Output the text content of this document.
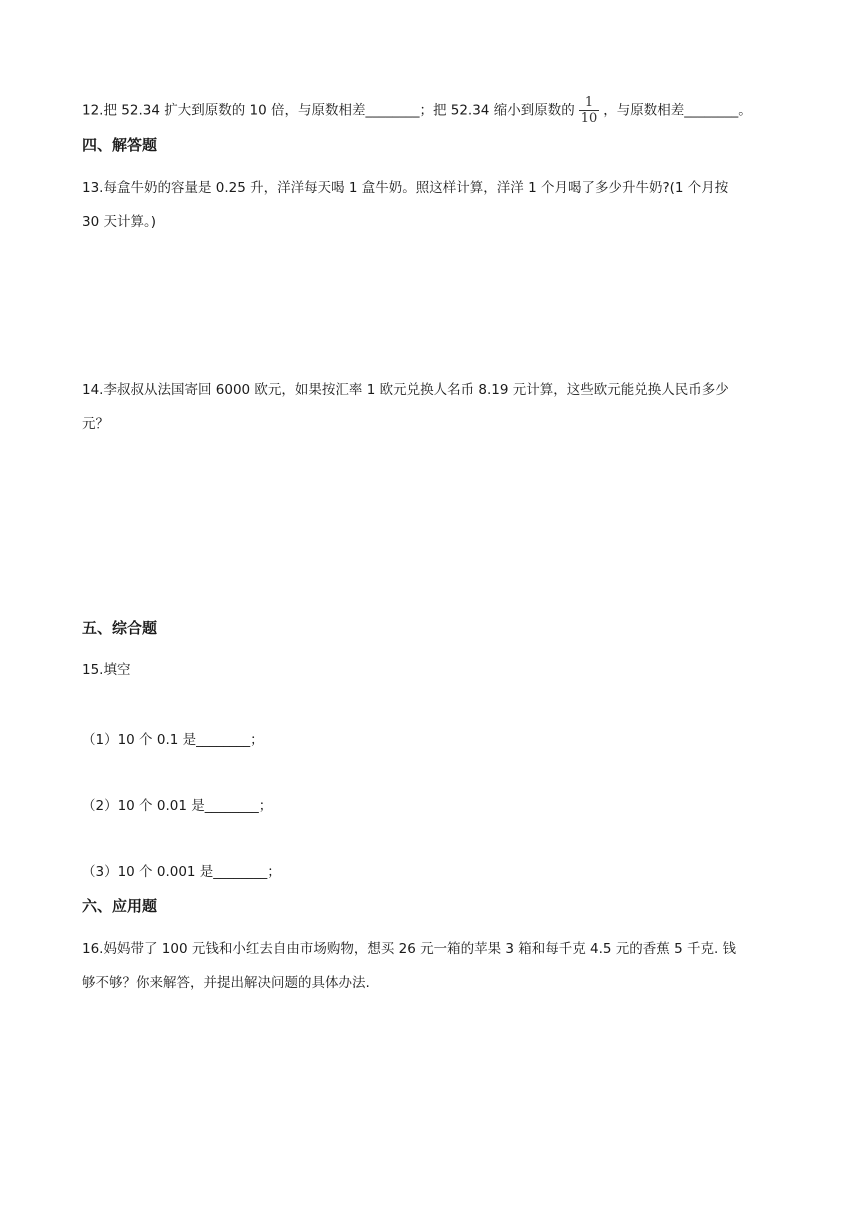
12.把 52.34 扩大到原数的 10 倍，与原数相差________；把 52.34 缩小到原数的 $\frac{1}{10}$ ，与原数相差________。
四、解答题
13.每盒牛奶的容量是 0.25 升，洋洋每天喝 1 盒牛奶。照这样计算，洋洋 1 个月喝了多少升牛奶?(1 个月按
30 天计算。)
14.李叔叔从法国寄回 6000 欧元，如果按汇率 1 欧元兑换人名币 8.19 元计算，这些欧元能兑换人民币多少
元？
五、综合题
15.填空
（1）10 个 0.1 是________；
（2）10 个 0.01 是________；
（3）10 个 0.001 是________；
六、应用题
16.妈妈带了 100 元钱和小红去自由市场购物，想买 26 元一箱的苹果 3 箱和每千克 4.5 元的香蕉 5 千克. 钱
够不够？你来解答，并提出解决问题的具体办法.
